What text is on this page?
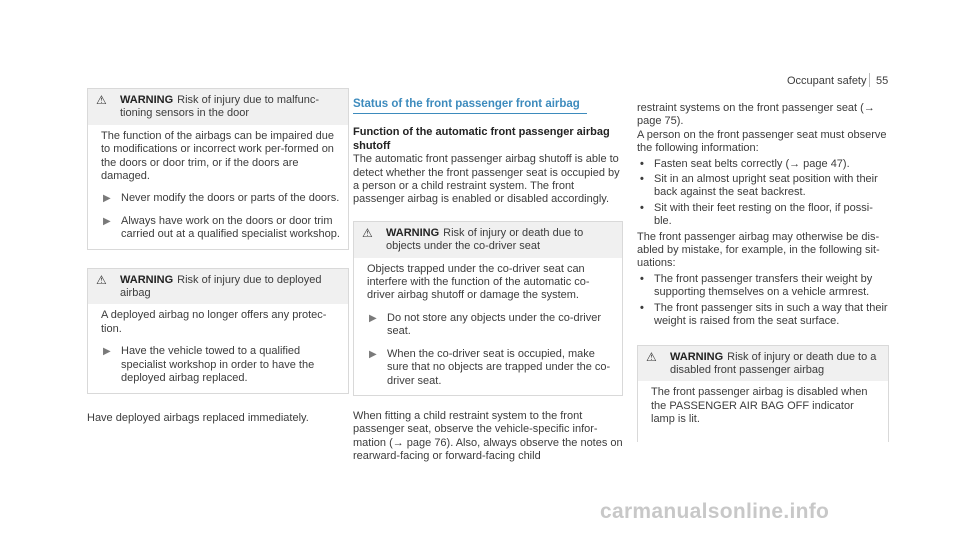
Occupant safety 55
⚠	WARNING Risk of injury due to malfunc-tioning sensors in the door

The function of the airbags can be impaired due to modifications or incorrect work per-formed on the doors or door trim, or if the doors are damaged.

▶ Never modify the doors or parts of the doors.
▶ Always have work on the doors or door trim carried out at a qualified specialist workshop.
⚠	WARNING Risk of injury due to deployed airbag

A deployed airbag no longer offers any protec-tion.

▶ Have the vehicle towed to a qualified specialist workshop in order to have the deployed airbag replaced.

Have deployed airbags replaced immediately.

Status of the front passenger front airbag

Function of the automatic front passenger airbag shutoff

The automatic front passenger airbag shutoff is able to detect whether the front passenger seat is occupied by a person or a child restraint system. The front passenger airbag is enabled or disabled accordingly.

⚠	WARNING Risk of injury or death due to objects under the co-driver seat

Objects trapped under the co-driver seat can interfere with the function of the automatic co-driver airbag shutoff or damage the system.

▶ Do not store any objects under the co-driver seat.
▶ When the co-driver seat is occupied, make sure that no objects are trapped under the co-driver seat.

When fitting a child restraint system to the front passenger seat, observe the vehicle-specific infor-mation (→ page 76). Also, always observe the notes on rearward-facing or forward-facing child

restraint systems on the front passenger seat (→ page 75).

A person on the front passenger seat must observe the following information:

• Fasten seat belts correctly (→ page 47).
• Sit in an almost upright seat position with their back against the seat backrest.
• Sit with their feet resting on the floor, if possi-ble.

The front passenger airbag may otherwise be dis-abled by mistake, for example, in the following sit-uations:

• The front passenger transfers their weight by supporting themselves on a vehicle armrest.
• The front passenger sits in such a way that their weight is raised from the seat surface.
⚠	WARNING Risk of injury or death due to a disabled front passenger airbag

The front passenger airbag is disabled when the PASSENGER AIR BAG OFF indicator lamp is lit.

carmanualsonline.info
